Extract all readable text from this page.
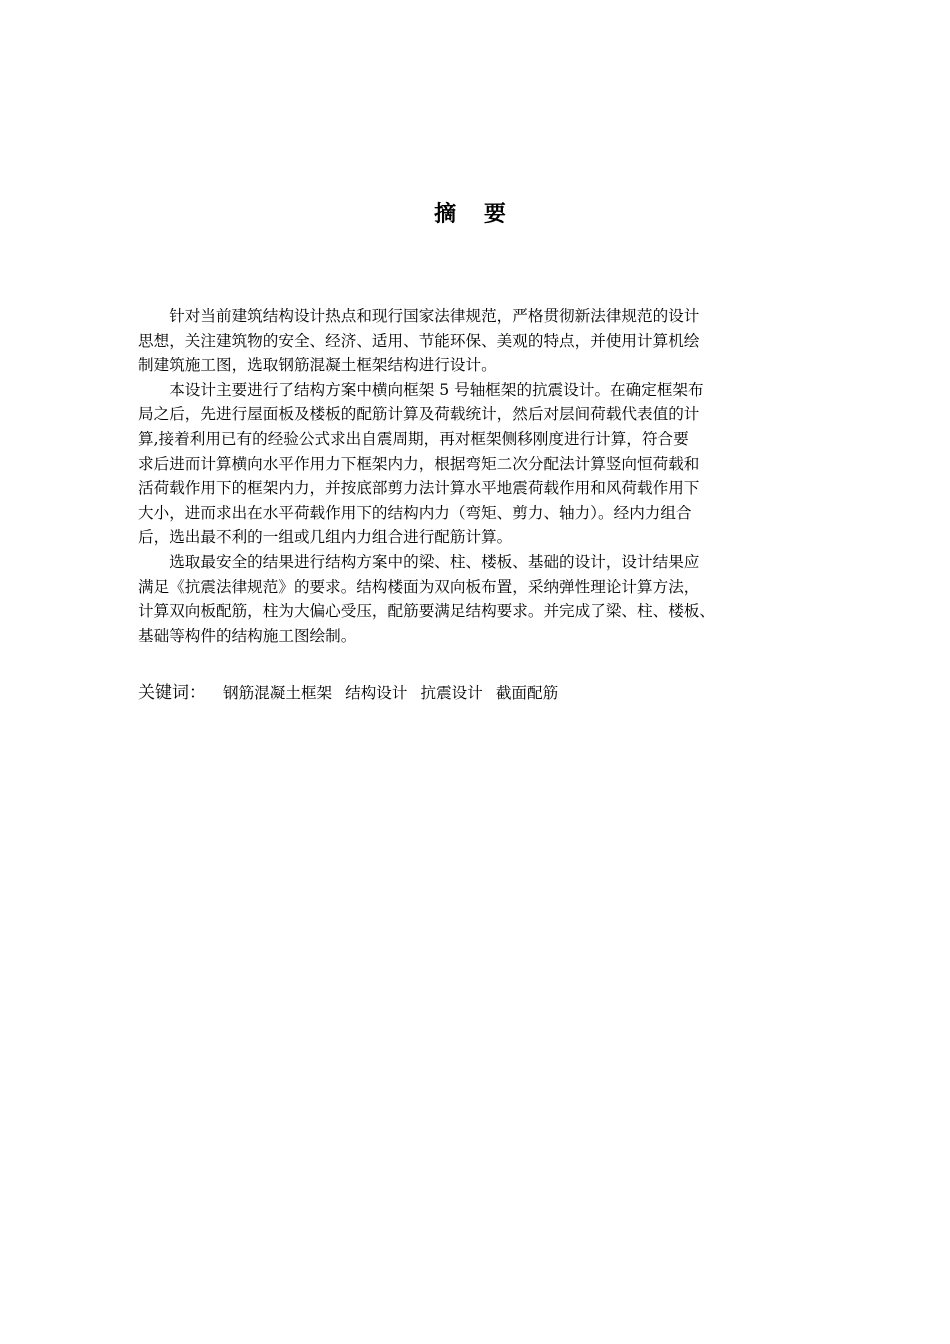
摘 要

针对当前建筑结构设计热点和现行国家法律规范，严格贯彻新法律规范的设计
思想，关注建筑物的安全、经济、适用、节能环保、美观的特点，并使用计算机绘
制建筑施工图，选取钢筋混凝土框架结构进行设计。

本设计主要进行了结构方案中横向框架 5 号轴框架的抗震设计。在确定框架布
局之后，先进行屋面板及楼板的配筋计算及荷载统计，然后对层间荷载代表值的计
算,接着利用已有的经验公式求出自震周期，再对框架侧移刚度进行计算，符合要
求后进而计算横向水平作用力下框架内力，根据弯矩二次分配法计算竖向恒荷载和
活荷载作用下的框架内力，并按底部剪力法计算水平地震荷载作用和风荷载作用下
大小，进而求出在水平荷载作用下的结构内力（弯矩、剪力、轴力）。经内力组合
后，选出最不利的一组或几组内力组合进行配筋计算。

选取最安全的结果进行结构方案中的梁、柱、楼板、基础的设计，设计结果应
满足《抗震法律规范》的要求。结构楼面为双向板布置，采纳弹性理论计算方法，
计算双向板配筋，柱为大偏心受压，配筋要满足结构要求。并完成了梁、柱、楼板、
基础等构件的结构施工图绘制。

关键词： 钢筋混凝土框架 结构设计 抗震设计 截面配筋
